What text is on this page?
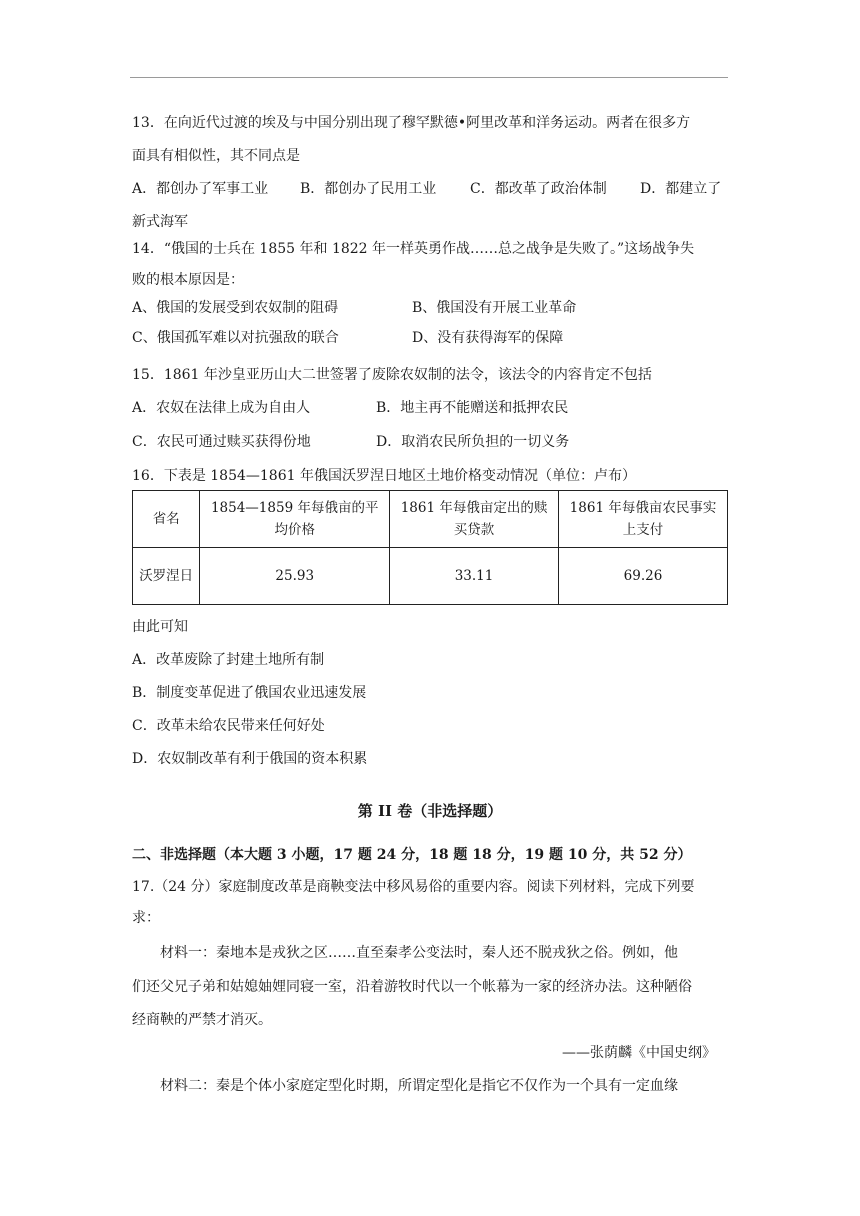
13．在向近代过渡的埃及与中国分别出现了穆罕默德•阿里改革和洋务运动。两者在很多方
面具有相似性，其不同点是
A．都创办了军事工业 B．都创办了民用工业 C．都改革了政治体制 D．都建立了
新式海军
14．“俄国的士兵在 1855 年和 1822 年一样英勇作战……总之战争是失败了。”这场战争失
败的根本原因是：
A、俄国的发展受到农奴制的阻碍	B、俄国没有开展工业革命
C、俄国孤军难以对抗强敌的联合	D、没有获得海军的保障
15．1861 年沙皇亚历山大二世签署了废除农奴制的法令，该法令的内容肯定不包括
A．农奴在法律上成为自由人	B．地主再不能赠送和抵押农民
C．农民可通过赎买获得份地	D．取消农民所负担的一切义务
16．下表是 1854—1861 年俄国沃罗涅日地区土地价格变动情况（单位：卢布）
省名	1854—1859 年每俄亩的平均价格	1861 年每俄亩定出的赎买贷款	1861 年每俄亩农民事实上支付
沃罗涅日	25.93	33.11	69.26
由此可知
A．改革废除了封建土地所有制
B．制度变革促进了俄国农业迅速发展
C．改革未给农民带来任何好处
D．农奴制改革有利于俄国的资本积累
第 II 卷（非选择题）
二、非选择题（本大题 3 小题，17 题 24 分，18 题 18 分，19 题 10 分，共 52 分）
17.（24 分）家庭制度改革是商鞅变法中移风易俗的重要内容。阅读下列材料，完成下列要
求：
材料一：秦地本是戎狄之区……直至秦孝公变法时，秦人还不脱戎狄之俗。例如，他
们还父兄子弟和姑媳妯娌同寝一室，沿着游牧时代以一个帐幕为一家的经济办法。这种陋俗
经商鞅的严禁才消灭。
——张荫麟《中国史纲》
材料二：秦是个体小家庭定型化时期，所谓定型化是指它不仅作为一个具有一定血缘
